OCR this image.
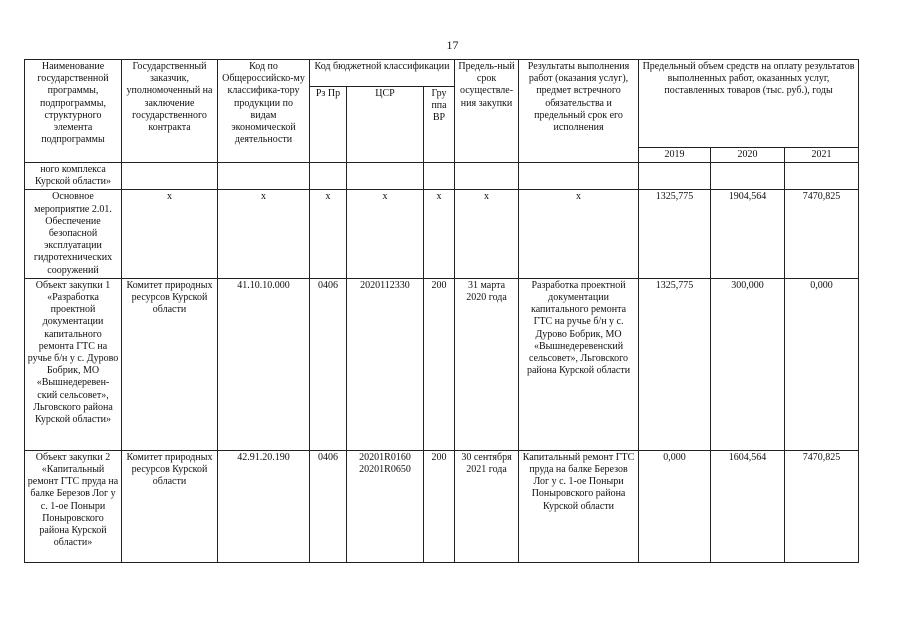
17
Наименование государственной программы, подпрограммы, структурного элемента подпрограммы	Государственный заказчик, уполномоченный на заключение государственного контракта	Код по Общероссийско-му классифика-тору продукции по видам экономической деятельности	Код бюджетной классификации			Предель-ный срок осуществле-ния закупки	Результаты выполнения работ (оказания услуг), предмет встречного обязательства и предельный срок его исполнения	Предельный объем средств на оплату результатов выполненных работ, оказанных услуг, поставленных товаров (тыс. руб.), годы		
			Рз Пр	ЦСР	Гру ппа ВР					
								2019	2020	2021
ного комплекса Курской области»										
Основное мероприятие 2.01. Обеспечение безопасной эксплуатации гидротехнических сооружений	х	х	х	х	х	х	х	1325,775	1904,564	7470,825
Объект закупки 1 «Разработка проектной документации капитального ремонта ГТС на ручье б/н у с. Дурово Бобрик, МО «Вышнедеревен-ский сельсовет», Льговского района Курской области»	Комитет природных ресурсов Курской области	41.10.10.000	0406	2020112330	200	31 марта 2020 года	Разработка проектной документации капитального ремонта ГТС на ручье б/н у с. Дурово Бобрик, МО «Вышнедеревенский сельсовет», Льговского района Курской области	1325,775	300,000	0,000
Объект закупки 2 «Капитальный ремонт ГТС пруда на балке Березов Лог у с. 1-ое Поныри Поныровского района Курской области»	Комитет природных ресурсов Курской области	42.91.20.190	0406	20201R0160 20201R0650	200	30 сентября 2021 года	Капитальный ремонт ГТС пруда на балке Березов Лог у с. 1-ое Поныри Поныровского района Курской области	0,000	1604,564	7470,825
